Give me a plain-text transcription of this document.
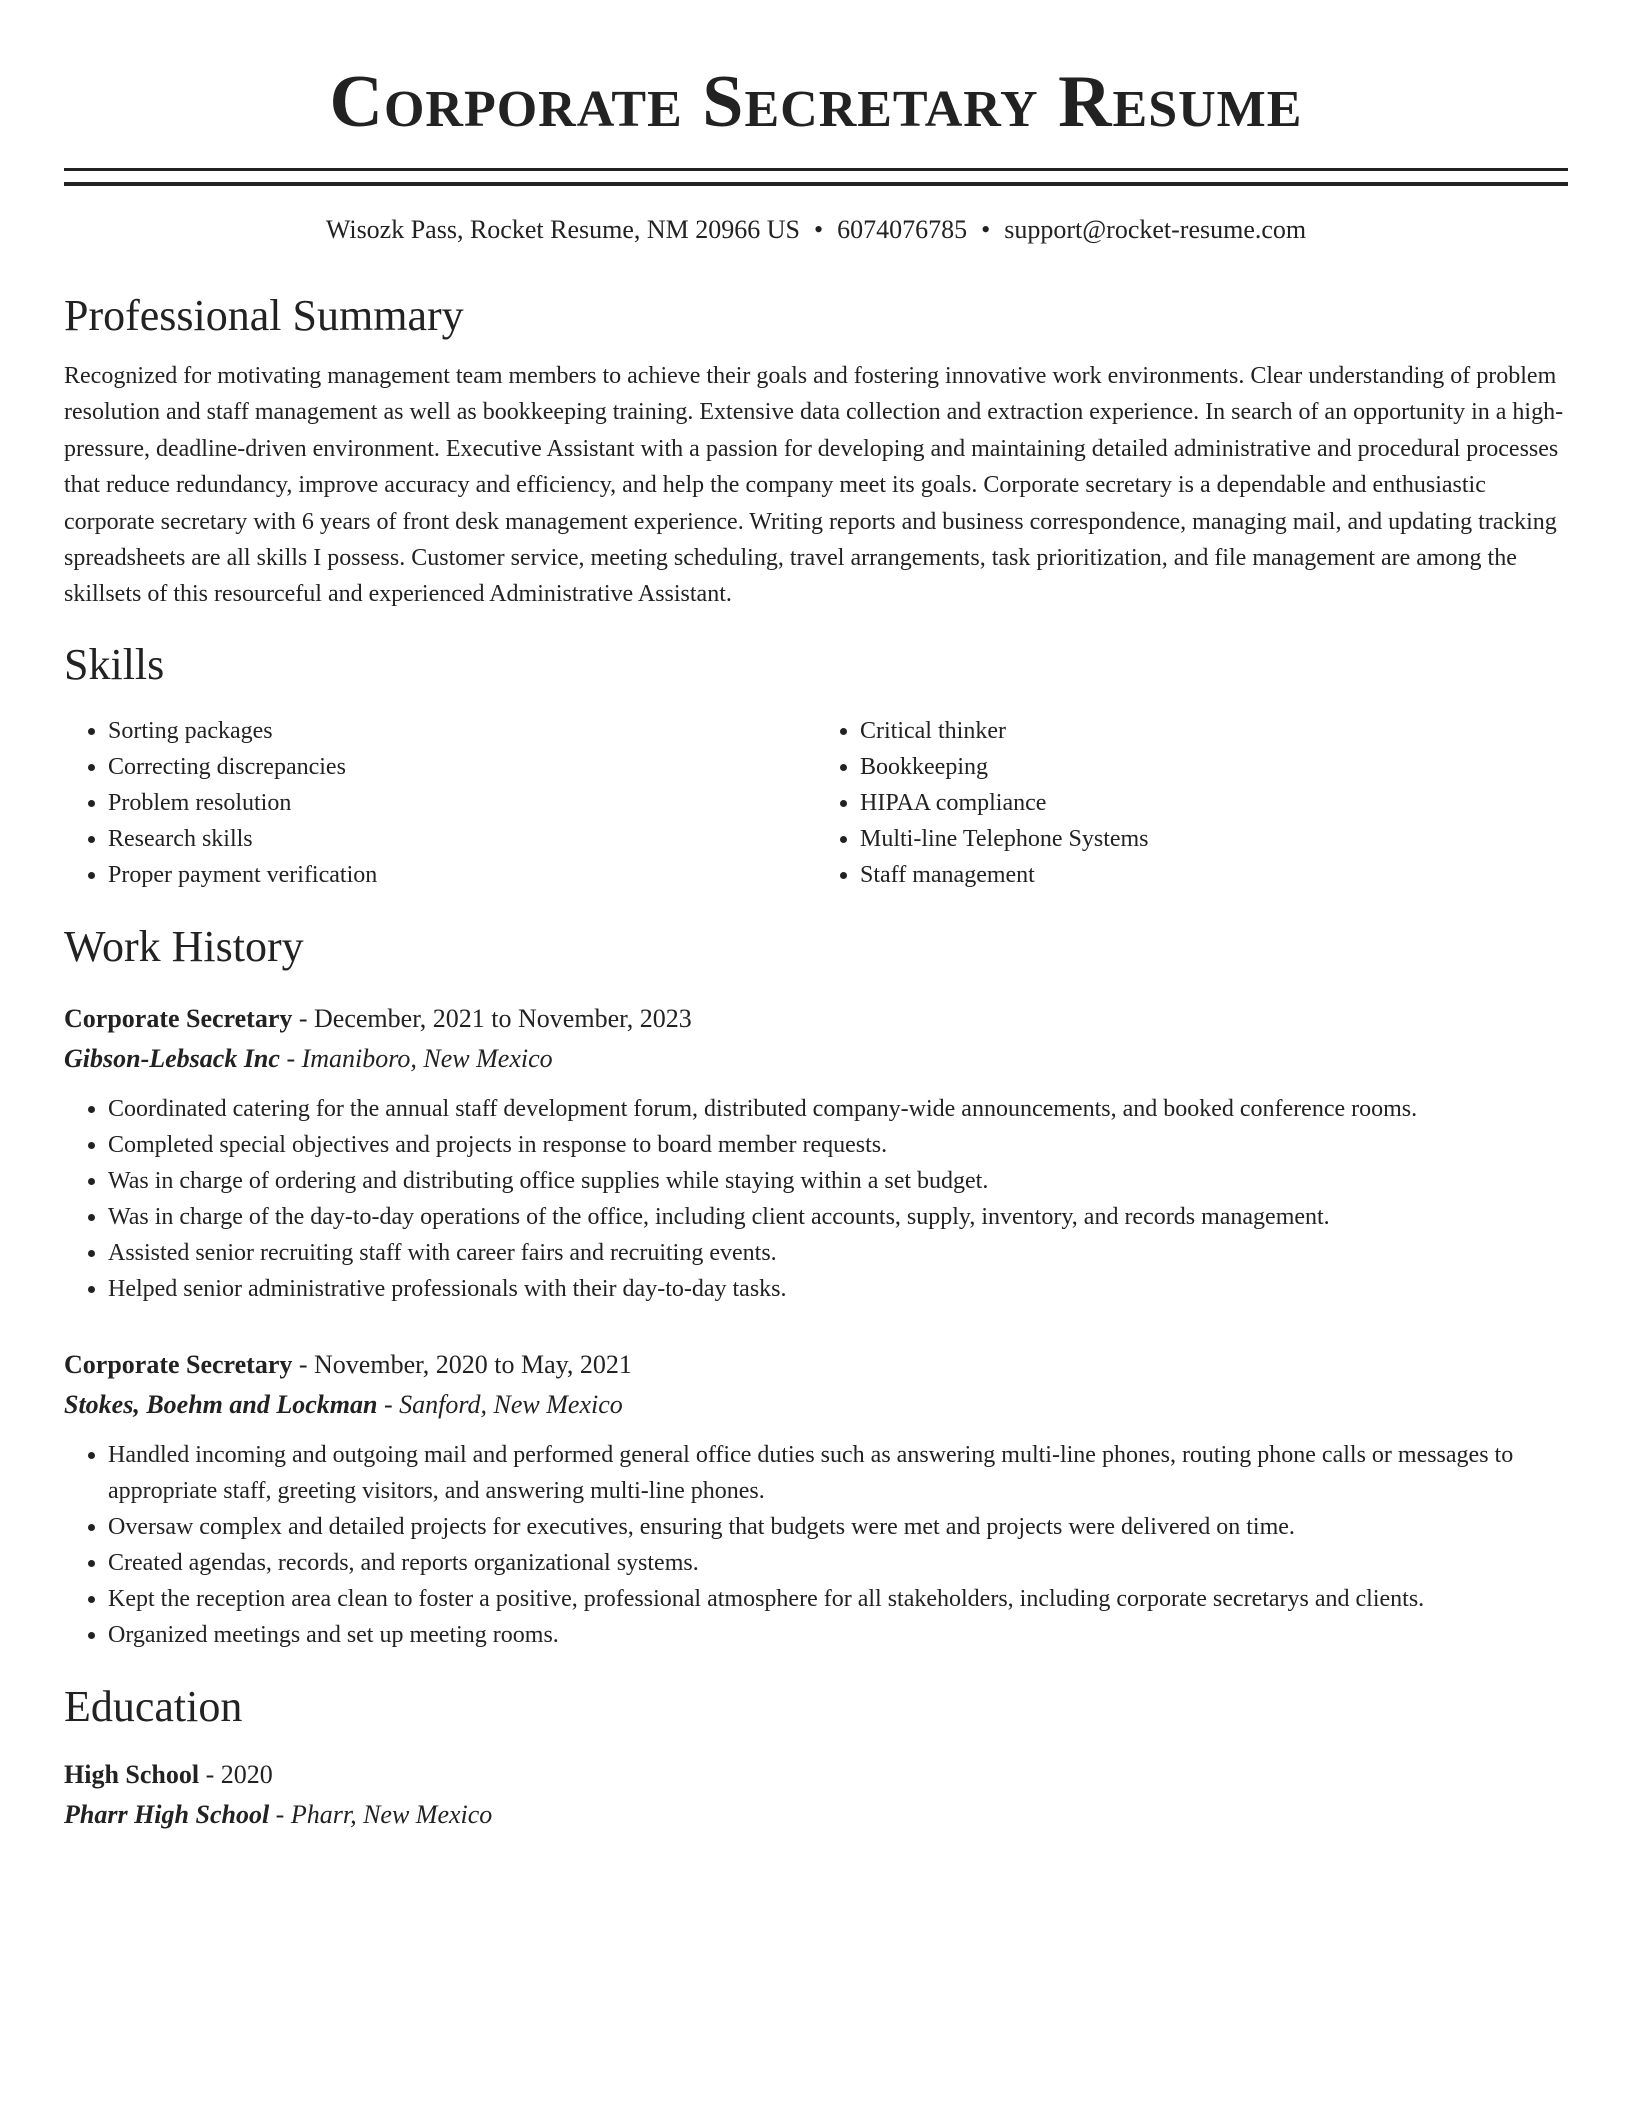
Corporate Secretary Resume
Wisozk Pass, Rocket Resume, NM 20966 US • 6074076785 • support@rocket-resume.com
Professional Summary

Recognized for motivating management team members to achieve their goals and fostering innovative work environments. Clear understanding of problem resolution and staff management as well as bookkeeping training. Extensive data collection and extraction experience. In search of an opportunity in a high-pressure, deadline-driven environment. Executive Assistant with a passion for developing and maintaining detailed administrative and procedural processes that reduce redundancy, improve accuracy and efficiency, and help the company meet its goals. Corporate secretary is a dependable and enthusiastic corporate secretary with 6 years of front desk management experience. Writing reports and business correspondence, managing mail, and updating tracking spreadsheets are all skills I possess. Customer service, meeting scheduling, travel arrangements, task prioritization, and file management are among the skillsets of this resourceful and experienced Administrative Assistant.

Skills
• Sorting packages
• Correcting discrepancies
• Problem resolution
• Research skills
• Proper payment verification
• Critical thinker
• Bookkeeping
• HIPAA compliance
• Multi-line Telephone Systems
• Staff management
Work History
Corporate Secretary - December, 2021 to November, 2023
Gibson-Lebsack Inc - Imaniboro, New Mexico
• Coordinated catering for the annual staff development forum, distributed company-wide announcements, and booked conference rooms.
• Completed special objectives and projects in response to board member requests.
• Was in charge of ordering and distributing office supplies while staying within a set budget.
• Was in charge of the day-to-day operations of the office, including client accounts, supply, inventory, and records management.
• Assisted senior recruiting staff with career fairs and recruiting events.
• Helped senior administrative professionals with their day-to-day tasks.
Corporate Secretary - November, 2020 to May, 2021
Stokes, Boehm and Lockman - Sanford, New Mexico
• Handled incoming and outgoing mail and performed general office duties such as answering multi-line phones, routing phone calls or messages to appropriate staff, greeting visitors, and answering multi-line phones.
• Oversaw complex and detailed projects for executives, ensuring that budgets were met and projects were delivered on time.
• Created agendas, records, and reports organizational systems.
• Kept the reception area clean to foster a positive, professional atmosphere for all stakeholders, including corporate secretarys and clients.
• Organized meetings and set up meeting rooms.
Education
High School - 2020
Pharr High School - Pharr, New Mexico
